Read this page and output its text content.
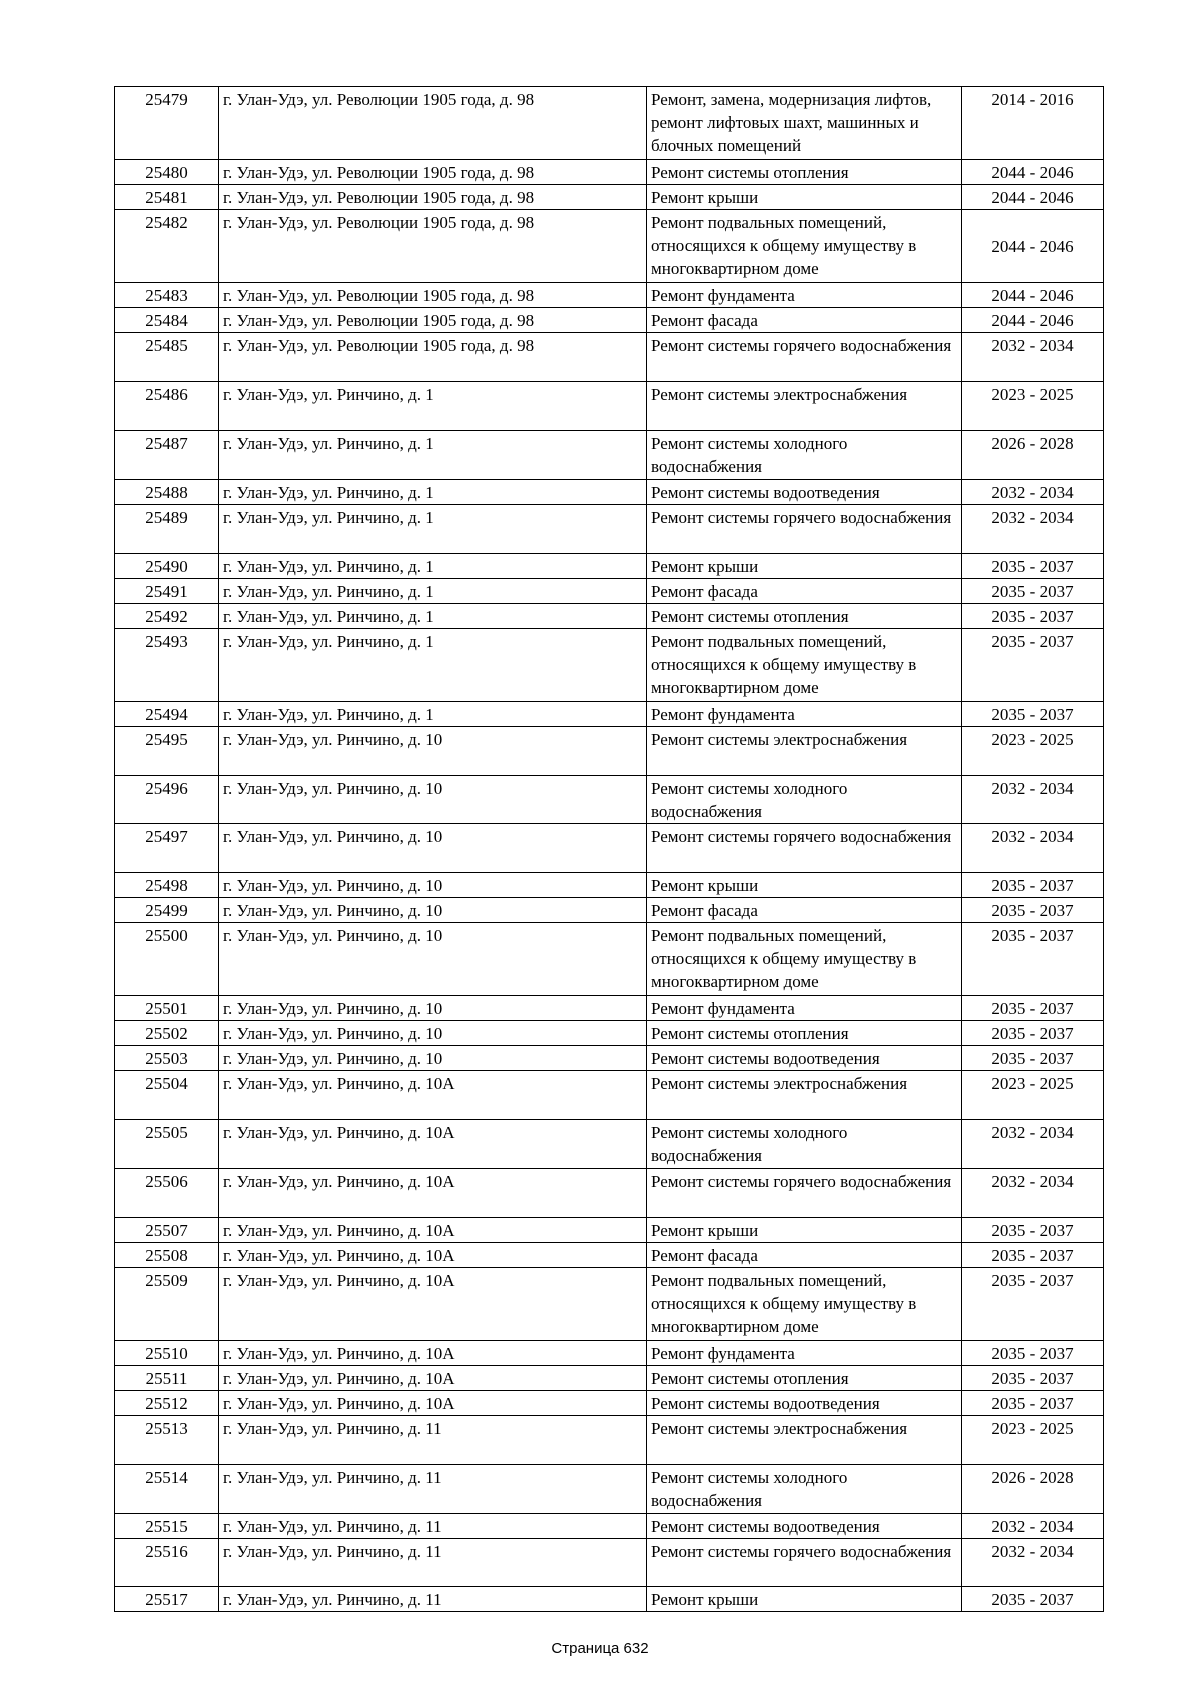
25479	г. Улан-Удэ, ул. Революции 1905 года, д. 98	Ремонт, замена, модернизация лифтов, ремонт лифтовых шахт, машинных и блочных помещений	2014 - 2016
25480	г. Улан-Удэ, ул. Революции 1905 года, д. 98	Ремонт системы отопления	2044 - 2046
25481	г. Улан-Удэ, ул. Революции 1905 года, д. 98	Ремонт крыши	2044 - 2046
25482	г. Улан-Удэ, ул. Революции 1905 года, д. 98	Ремонт подвальных помещений, относящихся к общему имуществу в многоквартирном доме	2044 - 2046
25483	г. Улан-Удэ, ул. Революции 1905 года, д. 98	Ремонт фундамента	2044 - 2046
25484	г. Улан-Удэ, ул. Революции 1905 года, д. 98	Ремонт фасада	2044 - 2046
25485	г. Улан-Удэ, ул. Революции 1905 года, д. 98	Ремонт системы горячего водоснабжения	2032 - 2034
25486	г. Улан-Удэ, ул. Ринчино, д. 1	Ремонт системы электроснабжения	2023 - 2025
25487	г. Улан-Удэ, ул. Ринчино, д. 1	Ремонт системы холодного водоснабжения	2026 - 2028
25488	г. Улан-Удэ, ул. Ринчино, д. 1	Ремонт системы водоотведения	2032 - 2034
25489	г. Улан-Удэ, ул. Ринчино, д. 1	Ремонт системы горячего водоснабжения	2032 - 2034
25490	г. Улан-Удэ, ул. Ринчино, д. 1	Ремонт крыши	2035 - 2037
25491	г. Улан-Удэ, ул. Ринчино, д. 1	Ремонт фасада	2035 - 2037
25492	г. Улан-Удэ, ул. Ринчино, д. 1	Ремонт системы отопления	2035 - 2037
25493	г. Улан-Удэ, ул. Ринчино, д. 1	Ремонт подвальных помещений, относящихся к общему имуществу в многоквартирном доме	2035 - 2037
25494	г. Улан-Удэ, ул. Ринчино, д. 1	Ремонт фундамента	2035 - 2037
25495	г. Улан-Удэ, ул. Ринчино, д. 10	Ремонт системы электроснабжения	2023 - 2025
25496	г. Улан-Удэ, ул. Ринчино, д. 10	Ремонт системы холодного водоснабжения	2032 - 2034
25497	г. Улан-Удэ, ул. Ринчино, д. 10	Ремонт системы горячего водоснабжения	2032 - 2034
25498	г. Улан-Удэ, ул. Ринчино, д. 10	Ремонт крыши	2035 - 2037
25499	г. Улан-Удэ, ул. Ринчино, д. 10	Ремонт фасада	2035 - 2037
25500	г. Улан-Удэ, ул. Ринчино, д. 10	Ремонт подвальных помещений, относящихся к общему имуществу в многоквартирном доме	2035 - 2037
25501	г. Улан-Удэ, ул. Ринчино, д. 10	Ремонт фундамента	2035 - 2037
25502	г. Улан-Удэ, ул. Ринчино, д. 10	Ремонт системы отопления	2035 - 2037
25503	г. Улан-Удэ, ул. Ринчино, д. 10	Ремонт системы водоотведения	2035 - 2037
25504	г. Улан-Удэ, ул. Ринчино, д. 10А	Ремонт системы электроснабжения	2023 - 2025
25505	г. Улан-Удэ, ул. Ринчино, д. 10А	Ремонт системы холодного водоснабжения	2032 - 2034
25506	г. Улан-Удэ, ул. Ринчино, д. 10А	Ремонт системы горячего водоснабжения	2032 - 2034
25507	г. Улан-Удэ, ул. Ринчино, д. 10А	Ремонт крыши	2035 - 2037
25508	г. Улан-Удэ, ул. Ринчино, д. 10А	Ремонт фасада	2035 - 2037
25509	г. Улан-Удэ, ул. Ринчино, д. 10А	Ремонт подвальных помещений, относящихся к общему имуществу в многоквартирном доме	2035 - 2037
25510	г. Улан-Удэ, ул. Ринчино, д. 10А	Ремонт фундамента	2035 - 2037
25511	г. Улан-Удэ, ул. Ринчино, д. 10А	Ремонт системы отопления	2035 - 2037
25512	г. Улан-Удэ, ул. Ринчино, д. 10А	Ремонт системы водоотведения	2035 - 2037
25513	г. Улан-Удэ, ул. Ринчино, д. 11	Ремонт системы электроснабжения	2023 - 2025
25514	г. Улан-Удэ, ул. Ринчино, д. 11	Ремонт системы холодного водоснабжения	2026 - 2028
25515	г. Улан-Удэ, ул. Ринчино, д. 11	Ремонт системы водоотведения	2032 - 2034
25516	г. Улан-Удэ, ул. Ринчино, д. 11	Ремонт системы горячего водоснабжения	2032 - 2034
25517	г. Улан-Удэ, ул. Ринчино, д. 11	Ремонт крыши	2035 - 2037
Страница 632
